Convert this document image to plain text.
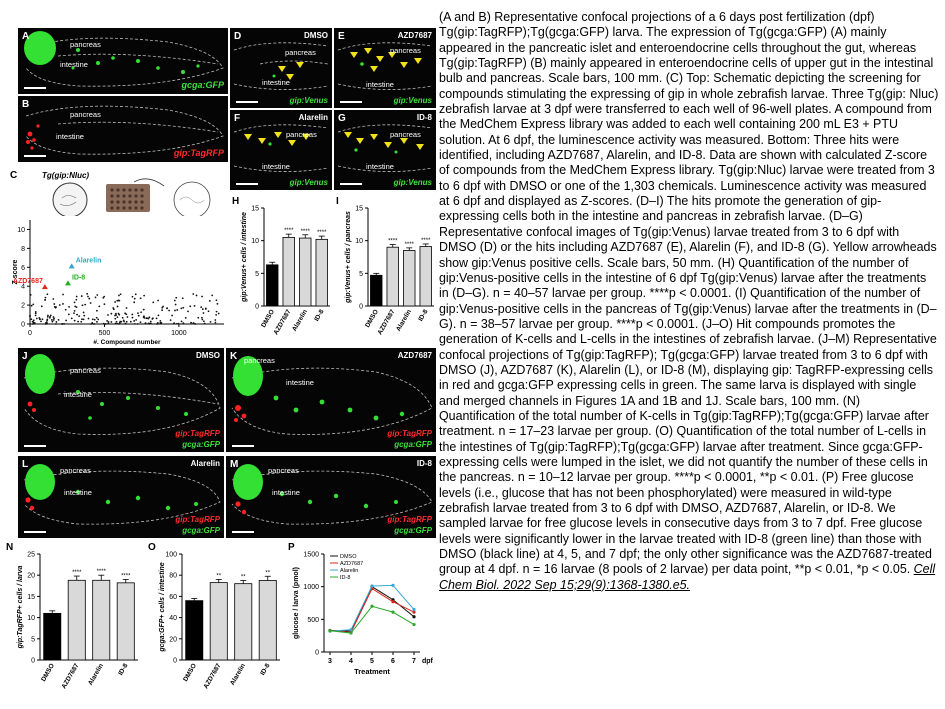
A
pancreas
intestine
gcga:GFP
B
pancreas
intestine
gip:TagRFP
C	Tg(gip:Nluc)
0
2
4
6
8
10
0	500	1000
#. Compound number
Z score	Alarelin
ID-8
AZD7687
D	DMSO
pancreas
intestine
gip:Venus
E	AZD7687
pancreas
intestine
gip:Venus
F	Alarelin
pancreas
intestine
gip:Venus
G	ID-8
pancreas
intestine
gip:Venus
H
0
5
10
15
gip:Venus+ cells / intestine
DMSO
****
AZD7687
****
Alarelin
****
ID-8
I
0
5
10
15
gip:Venus+ cells / pancreas
DMSO
****
AZD7687
****
Alarelin
****
ID-8
J	DMSO
pancreas
intestine
gip:TagRFP
gcga:GFP
K	AZD7687
pancreas
intestine
gip:TagRFP
gcga:GFP
L	Alarelin
pancreas
intestine
gip:TagRFP
gcga:GFP
M	ID-8
pancreas
intestine
gip:TagRFP
gcga:GFP
N
0
5
10
15
20
25
gip:TagRFP+ cells / larva
DMSO
****
AZD7687
****
Alarelin
****
ID-8
O
0
20
40
60
80
100
gcga:GFP+ cells / intestine
DMSO
**
AZD7687
**
Alarelin
**
ID-8
P
0
500
1000
1500
3 4 5 6 7 dpf
Treatment
glucose / larva (pmol)
DMSO
AZD7687
Alarelin
ID-8
(A and B) Representative confocal projections of a 6 days post fertilization (dpf) Tg(gip:TagRFP);Tg(gcga:GFP) larva. The expression of Tg(gcga:GFP) (A) mainly appeared in the pancreatic islet and enteroendocrine cells throughout the gut, whereas Tg(gip:TagRFP) (B) mainly appeared in enteroendocrine cells of upper gut in the intestinal bulb and pancreas. Scale bars, 100 mm. (C) Top: Schematic depicting the screening for compounds stimulating the expressing of gip in whole zebrafish larvae. Three Tg(gip: Nluc) zebrafish larvae at 3 dpf were transferred to each well of 96-well plates. A compound from the MedChem Express library was added to each well containing 200 mL E3 + PTU solution. At 6 dpf, the luminescence activity was measured. Bottom: Three hits were identified, including AZD7687, Alarelin, and ID-8. Data are shown with calculated Z-score of compounds from the MedChem Express library. Tg(gip:Nluc) larvae were treated from 3 to 6 dpf with DMSO or one of the 1,303 chemicals. Luminescence activity was measured at 6 dpf and displayed as Z-scores. (D–I) The hits promote the generation of gip-expressing cells both in the intestine and pancreas in zebrafish larvae. (D–G) Representative confocal images of Tg(gip:Venus) larvae treated from 3 to 6 dpf with DMSO (D) or the hits including AZD7687 (E), Alarelin (F), and ID-8 (G). Yellow arrowheads show gip:Venus positive cells. Scale bars, 50 mm. (H) Quantification of the number of gip:Venus-positive cells in the intestine of 6 dpf Tg(gip:Venus) larvae after the treatments in (D–G). n = 40–57 larvae per group. ****p < 0.0001. (I) Quantification of the number of gip:Venus-positive cells in the pancreas of Tg(gip:Venus) larvae after the treatments in (D–G). n = 38–57 larvae per group. ****p < 0.0001. (J–O) Hit compounds promotes the generation of K-cells and L-cells in the intestines of zebrafish larvae. (J–M) Representative confocal projections of Tg(gip:TagRFP); Tg(gcga:GFP) larvae treated from 3 to 6 dpf with DMSO (J), AZD7687 (K), Alarelin (L), or ID-8 (M), displaying gip: TagRFP-expressing cells in red and gcga:GFP expressing cells in green. The same larva is displayed with single and merged channels in Figures 1A and 1B and 1J. Scale bars, 100 mm. (N) Quantification of the total number of K-cells in Tg(gip:TagRFP);Tg(gcga:GFP) larvae after treatment. n = 17–23 larvae per group. (O) Quantification of the total number of L-cells in the intestines of Tg(gip:TagRFP);Tg(gcga:GFP) larvae after treatment. Since gcga:GFP-expressing cells were lumped in the islet, we did not quantify the number of these cells in the pancreas. n = 10–12 larvae per group. ****p < 0.0001, **p < 0.01. (P) Free glucose levels (i.e., glucose that has not been phosphorylated) were measured in wild-type zebrafish larvae treated from 3 to 6 dpf with DMSO, AZD7687, Alarelin, or ID-8. We sampled larvae for free glucose levels in consecutive days from 3 to 7 dpf. Free glucose levels were significantly lower in the larvae treated with ID-8 (green line) than those with DMSO (black line) at 4, 5, and 7 dpf; the only other significance was the AZD7687-treated group at 4 dpf. n = 16 larvae (8 pools of 2 larvae) per data point, **p < 0.01, *p < 0.05. Cell Chem Biol. 2022 Sep 15;29(9):1368-1380.e5.
